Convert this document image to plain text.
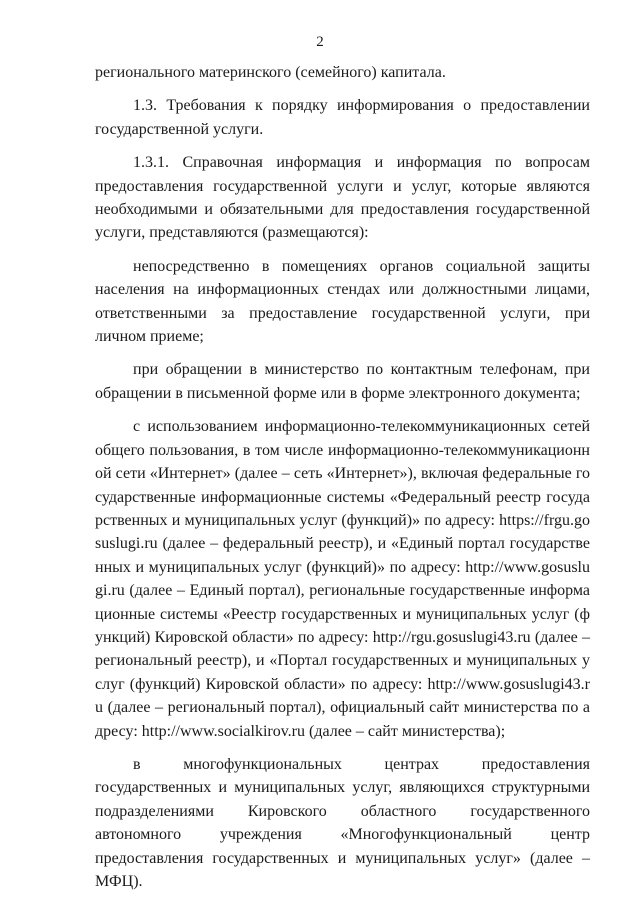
2

регионального материнского (семейного) капитала.

1.3. Требования к порядку информирования о предоставлении государственной услуги.

1.3.1. Справочная информация и информация по вопросам предоставления государственной услуги и услуг, которые являются необходимыми и обязательными для предоставления государственной услуги, представляются (размещаются):

непосредственно в помещениях органов социальной защиты населения на информационных стендах или должностными лицами, ответственными за предоставление государственной услуги, при личном приеме;

при обращении в министерство по контактным телефонам, при обращении в письменной форме или в форме электронного документа;

с использованием информационно-телекоммуникационных сетей общего пользования, в том числе информационно-телекоммуникационной сети «Интернет» (далее – сеть «Интернет»), включая федеральные государственные информационные системы «Федеральный реестр государственных и муниципальных услуг (функций)» по адресу: https://frgu.gosuslugi.ru (далее – федеральный реестр), и «Единый портал государственных и муниципальных услуг (функций)» по адресу: http://www.gosuslugi.ru (далее – Единый портал), региональные государственные информационные системы «Реестр государственных и муниципальных услуг (функций) Кировской области» по адресу: http://rgu.gosuslugi43.ru (далее – региональный реестр), и «Портал государственных и муниципальных услуг (функций) Кировской области» по адресу: http://www.gosuslugi43.ru (далее – региональный портал), официальный сайт министерства по адресу: http://www.socialkirov.ru (далее – сайт министерства);

в многофункциональных центрах предоставления государственных и муниципальных услуг, являющихся структурными подразделениями Кировского областного государственного автономного учреждения «Многофункциональный центр предоставления государственных и муниципальных услуг» (далее – МФЦ).
